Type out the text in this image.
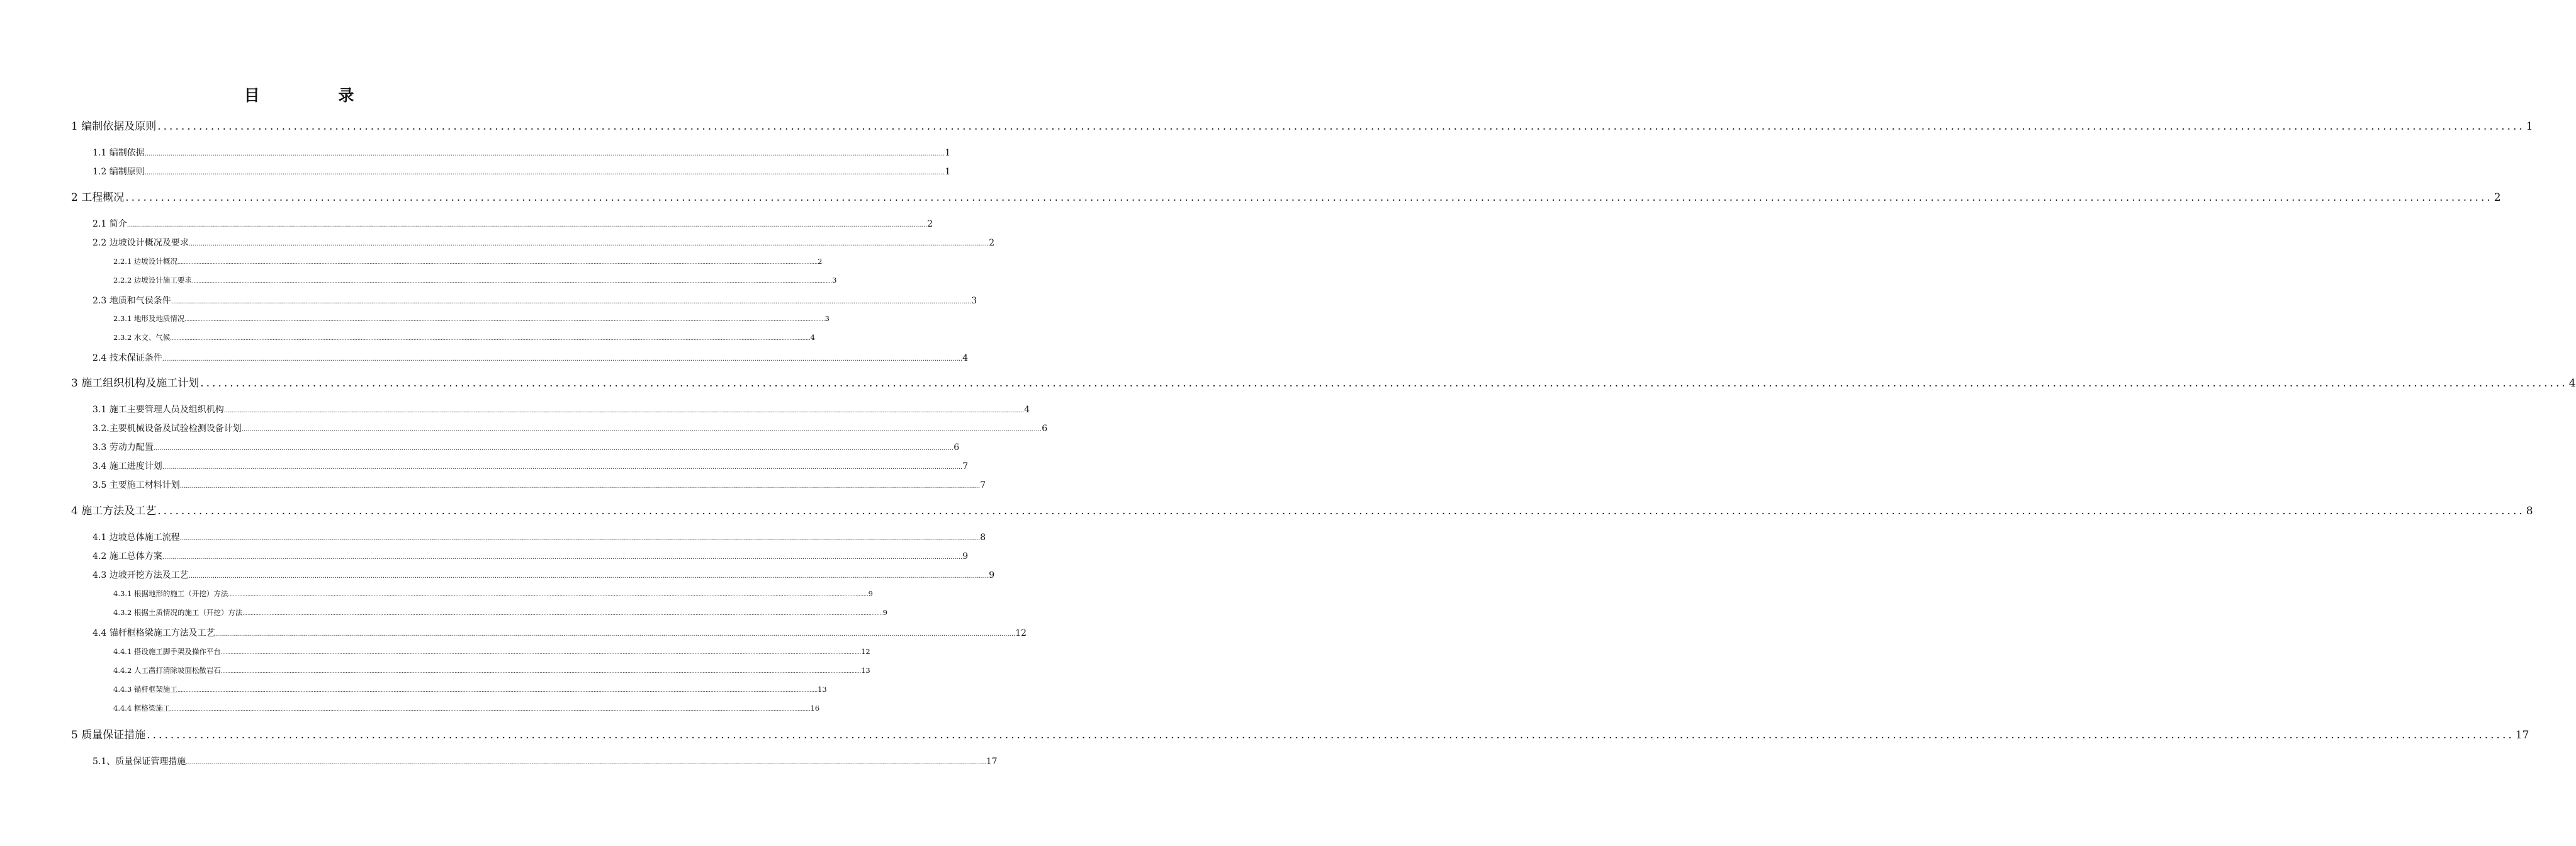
目 录
1 编制依据及原则 ................................................................................................................................................................................................................................................................................................................................................................................................................ 1
1.1 编制依据 ................................................................................................................................................................................................................................................................................................................................................................................................................ 1
1.2 编制原则 ................................................................................................................................................................................................................................................................................................................................................................................................................ 1
2 工程概况 ................................................................................................................................................................................................................................................................................................................................................................................................................ 2
2.1 简介 ................................................................................................................................................................................................................................................................................................................................................................................................................ 2
2.2 边坡设计概况及要求 ................................................................................................................................................................................................................................................................................................................................................................................................................ 2
2.2.1 边坡设计概况 ................................................................................................................................................................................................................................................................................................................................................................................................................ 2
2.2.2 边坡设计施工要求 ................................................................................................................................................................................................................................................................................................................................................................................................................ 3
2.3 地质和气侯条件 ................................................................................................................................................................................................................................................................................................................................................................................................................ 3
2.3.1 地形及地质情况 ................................................................................................................................................................................................................................................................................................................................................................................................................ 3
2.3.2 水文、气候 ................................................................................................................................................................................................................................................................................................................................................................................................................ 4
2.4 技术保证条件 ................................................................................................................................................................................................................................................................................................................................................................................................................ 4
3 施工组织机构及施工计划 ................................................................................................................................................................................................................................................................................................................................................................................................................ 4
3.1 施工主要管理人员及组织机构 ................................................................................................................................................................................................................................................................................................................................................................................................................ 4
3.2.主要机械设备及试验检测设备计划 ................................................................................................................................................................................................................................................................................................................................................................................................................ 6
3.3 劳动力配置 ................................................................................................................................................................................................................................................................................................................................................................................................................ 6
3.4 施工进度计划 ................................................................................................................................................................................................................................................................................................................................................................................................................ 7
3.5 主要施工材料计划 ................................................................................................................................................................................................................................................................................................................................................................................................................ 7
4 施工方法及工艺 ................................................................................................................................................................................................................................................................................................................................................................................................................ 8
4.1 边坡总体施工流程 ................................................................................................................................................................................................................................................................................................................................................................................................................ 8
4.2 施工总体方案 ................................................................................................................................................................................................................................................................................................................................................................................................................ 9
4.3 边坡开挖方法及工艺 ................................................................................................................................................................................................................................................................................................................................................................................................................ 9
4.3.1 根据地形的施工（开挖）方法 ................................................................................................................................................................................................................................................................................................................................................................................................................ 9
4.3.2 根据土质情况的施工（开挖）方法 ................................................................................................................................................................................................................................................................................................................................................................................................................ 9
4.4 锚杆框格梁施工方法及工艺 ................................................................................................................................................................................................................................................................................................................................................................................................................ 12
4.4.1 搭设施工脚手架及操作平台 ................................................................................................................................................................................................................................................................................................................................................................................................................ 12
4.4.2 人工凿打清除坡面松散岩石 ................................................................................................................................................................................................................................................................................................................................................................................................................ 13
4.4.3 锚杆框架施工 ................................................................................................................................................................................................................................................................................................................................................................................................................ 13
4.4.4 框格梁施工 ................................................................................................................................................................................................................................................................................................................................................................................................................ 16
5 质量保证措施 ................................................................................................................................................................................................................................................................................................................................................................................................................ 17
5.1、质量保证管理措施 ................................................................................................................................................................................................................................................................................................................................................................................................................ 17
